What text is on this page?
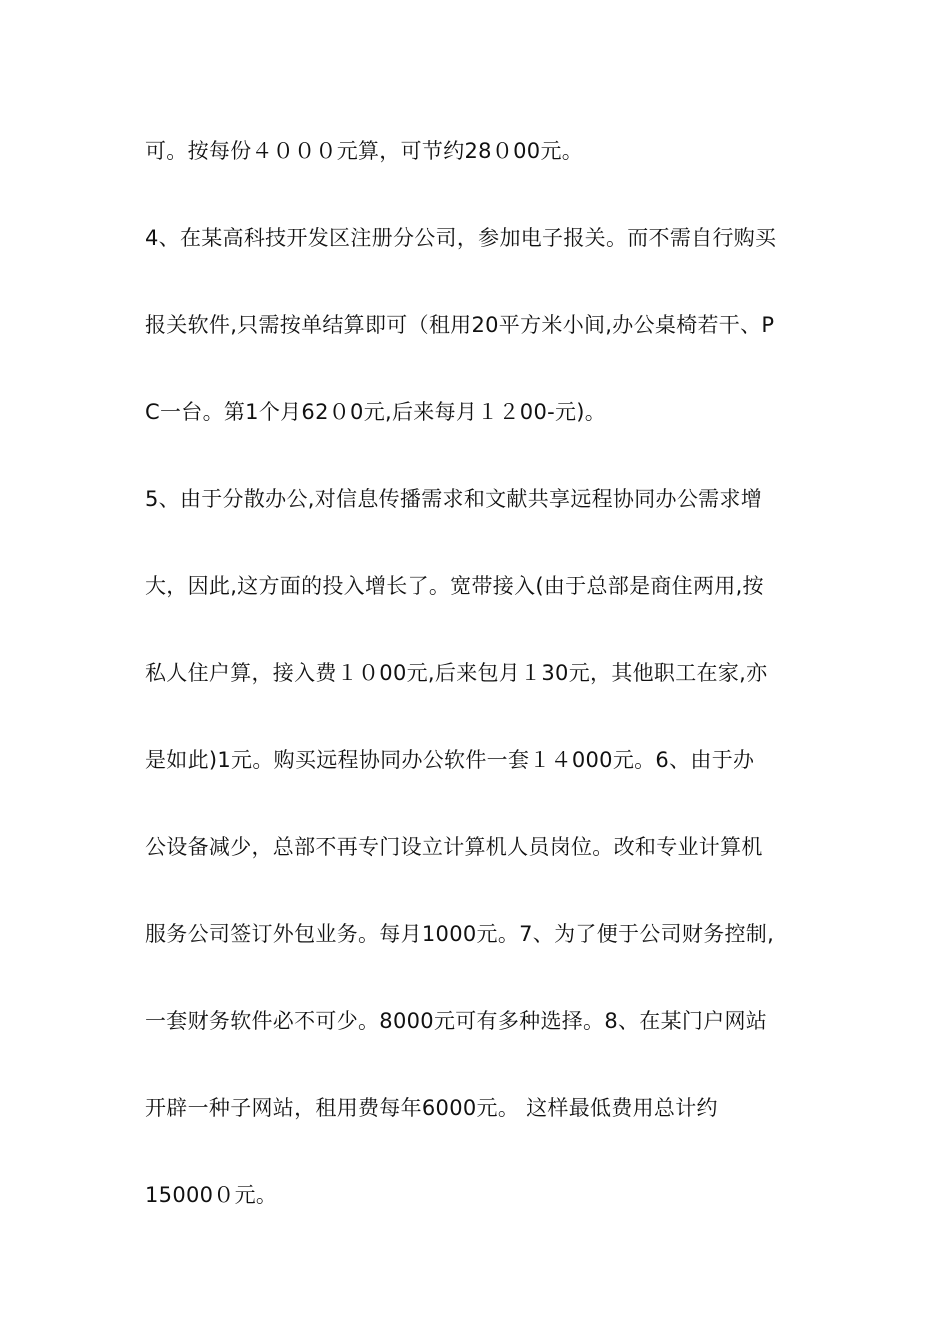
可。按每份４０００元算，可节约28０00元。
4、在某高科技开发区注册分公司，参加电子报关。而不需自行购买
报关软件,只需按单结算即可（租用20平方米小间,办公桌椅若干、P
C一台。第1个月62０0元,后来每月１２00-元)。
5、由于分散办公,对信息传播需求和文献共享远程协同办公需求增
大，因此,这方面的投入增长了。宽带接入(由于总部是商住两用,按
私人住户算，接入费１０00元,后来包月１30元，其他职工在家,亦
是如此)1元。购买远程协同办公软件一套１４000元。6、由于办
公设备减少，总部不再专门设立计算机人员岗位。改和专业计算机
服务公司签订外包业务。每月1000元。7、为了便于公司财务控制,
一套财务软件必不可少。8000元可有多种选择。8、在某门户网站
开辟一种子网站，租用费每年6000元。 这样最低费用总计约
15000０元。
